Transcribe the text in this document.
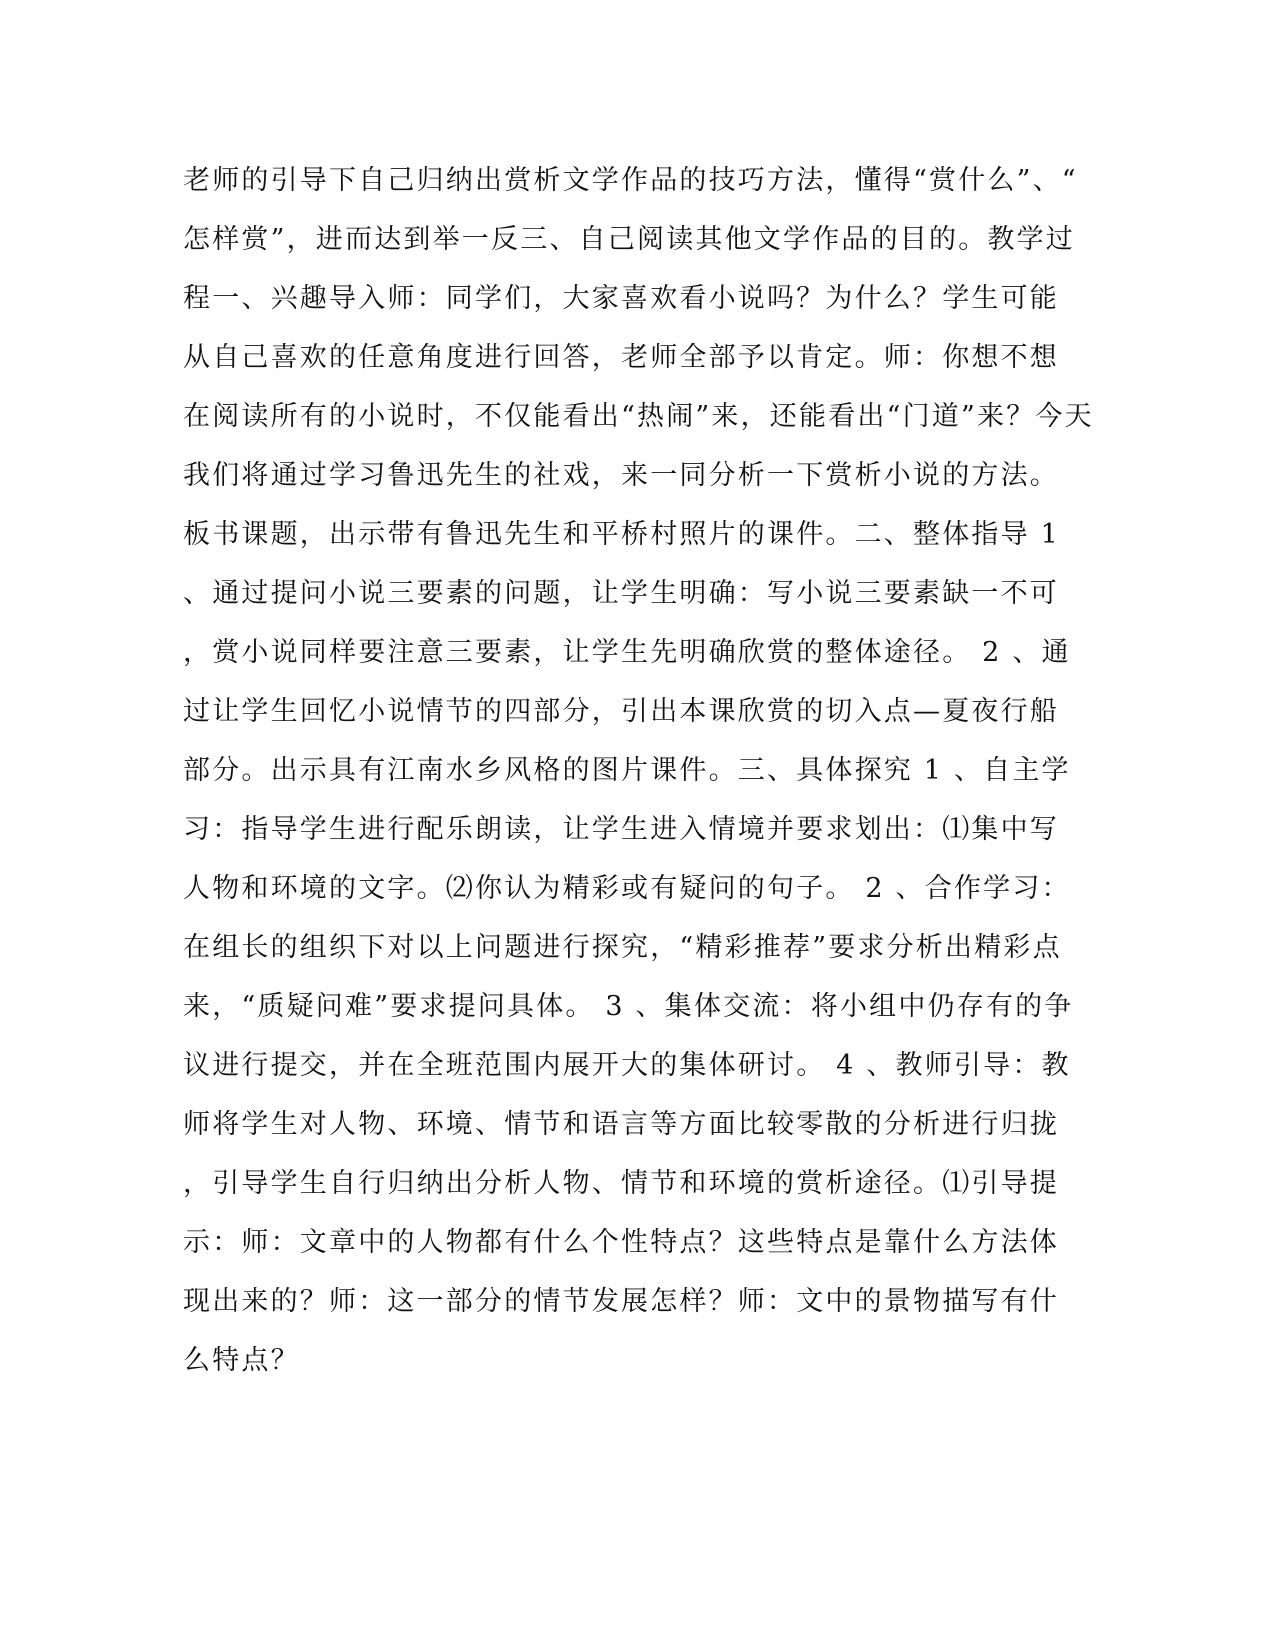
老师的引导下自己归纳出赏析文学作品的技巧方法，懂得“赏什么”、“
怎样赏”，进而达到举一反三、自己阅读其他文学作品的目的。教学过
程一、兴趣导入师：同学们，大家喜欢看小说吗？为什么？学生可能
从自己喜欢的任意角度进行回答，老师全部予以肯定。师：你想不想
在阅读所有的小说时，不仅能看出“热闹”来，还能看出“门道”来？今天
我们将通过学习鲁迅先生的社戏，来一同分析一下赏析小说的方法。
板书课题，出示带有鲁迅先生和平桥村照片的课件。二、整体指导 1
、通过提问小说三要素的问题，让学生明确：写小说三要素缺一不可
，赏小说同样要注意三要素，让学生先明确欣赏的整体途径。 2 、通
过让学生回忆小说情节的四部分，引出本课欣赏的切入点—夏夜行船
部分。出示具有江南水乡风格的图片课件。三、具体探究 1 、自主学
习：指导学生进行配乐朗读，让学生进入情境并要求划出：⑴集中写
人物和环境的文字。⑵你认为精彩或有疑问的句子。 2 、合作学习：
在组长的组织下对以上问题进行探究，“精彩推荐”要求分析出精彩点
来，“质疑问难”要求提问具体。 3 、集体交流：将小组中仍存有的争
议进行提交，并在全班范围内展开大的集体研讨。 4 、教师引导：教
师将学生对人物、环境、情节和语言等方面比较零散的分析进行归拢
，引导学生自行归纳出分析人物、情节和环境的赏析途径。⑴引导提
示：师：文章中的人物都有什么个性特点？这些特点是靠什么方法体
现出来的？师：这一部分的情节发展怎样？师：文中的景物描写有什
么特点？
